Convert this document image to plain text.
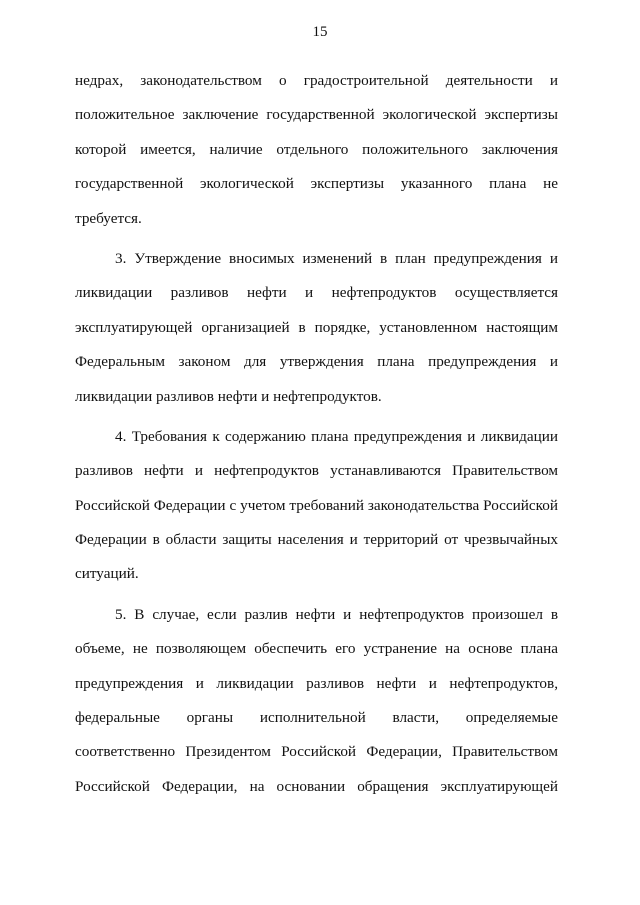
15
недрах, законодательством о градостроительной деятельности и
положительное заключение государственной экологической экспертизы
которой имеется, наличие отдельного положительного заключения
государственной экологической экспертизы указанного плана не
требуется.
3. Утверждение вносимых изменений в план предупреждения и
ликвидации разливов нефти и нефтепродуктов осуществляется
эксплуатирующей организацией в порядке, установленном настоящим
Федеральным законом для утверждения плана предупреждения и
ликвидации разливов нефти и нефтепродуктов.
4. Требования к содержанию плана предупреждения и ликвидации
разливов нефти и нефтепродуктов устанавливаются Правительством
Российской Федерации с учетом требований законодательства Российской
Федерации в области защиты населения и территорий от чрезвычайных
ситуаций.
5. В случае, если разлив нефти и нефтепродуктов произошел в
объеме, не позволяющем обеспечить его устранение на основе плана
предупреждения и ликвидации разливов нефти и нефтепродуктов,
федеральные органы исполнительной власти, определяемые
соответственно Президентом Российской Федерации, Правительством
Российской Федерации, на основании обращения эксплуатирующей
